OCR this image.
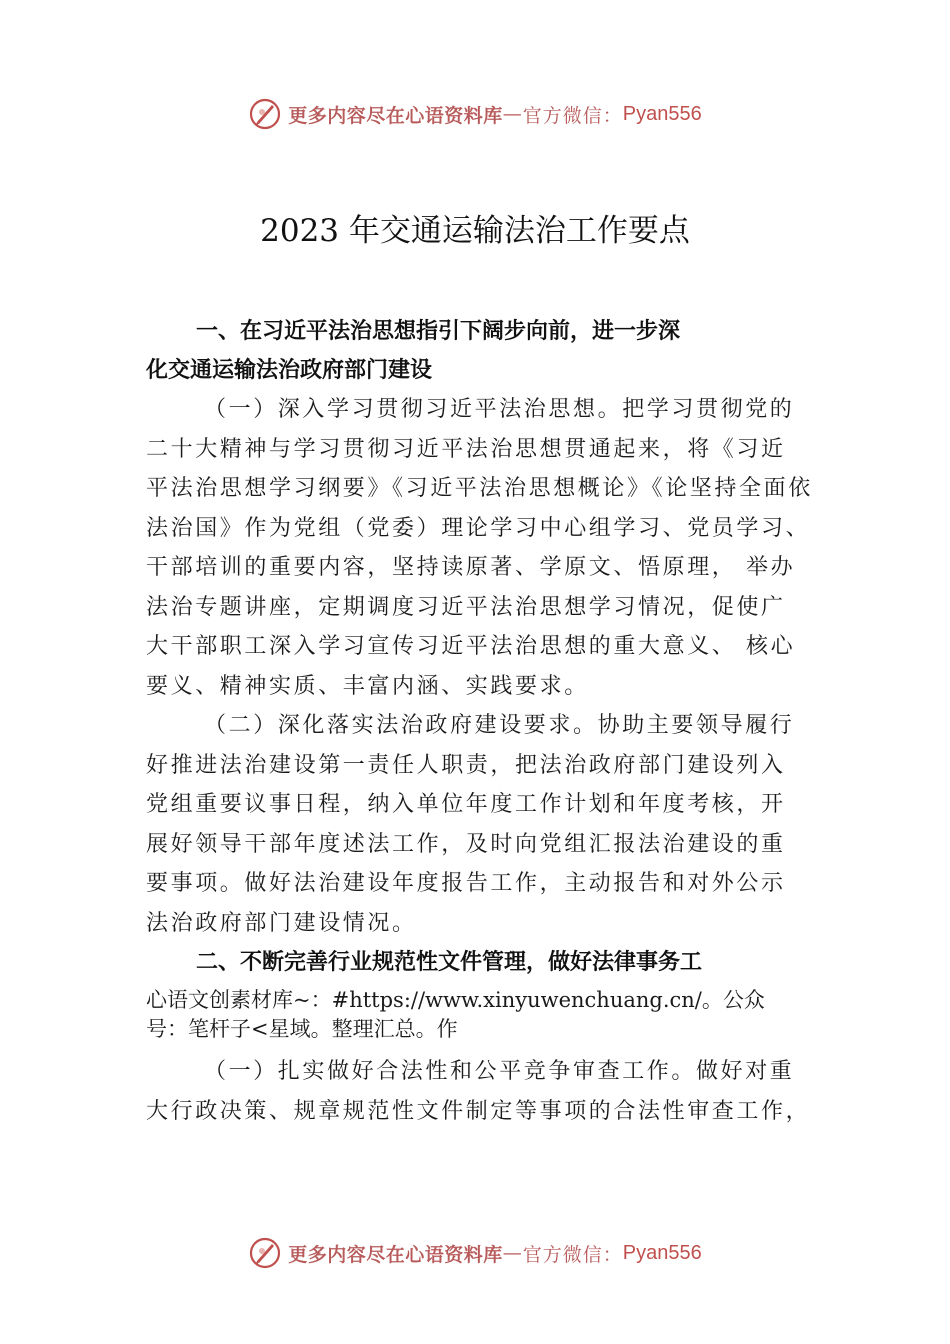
更多内容尽在心语资料库 — 官方微信： Pyan556
2023 年交通运输法治工作要点

一、在习近平法治思想指引下阔步向前，进一步深

化交通运输法治政府部门建设

（一）深入学习贯彻习近平法治思想。把学习贯彻党的
二十大精神与学习贯彻习近平法治思想贯通起来，将《习近
平法治思想学习纲要》《习近平法治思想概论》《论坚持全面依
法治国》作为党组（党委）理论学习中心组学习、党员学习、
干部培训的重要内容，坚持读原著、学原文、悟原理， 举办
法治专题讲座，定期调度习近平法治思想学习情况，促使广
大干部职工深入学习宣传习近平法治思想的重大意义、 核心
要义、精神实质、丰富内涵、实践要求。

（二）深化落实法治政府建设要求。协助主要领导履行
好推进法治建设第一责任人职责，把法治政府部门建设列入
党组重要议事日程，纳入单位年度工作计划和年度考核，开
展好领导干部年度述法工作，及时向党组汇报法治建设的重
要事项。做好法治建设年度报告工作，主动报告和对外公示
法治政府部门建设情况。

二、不断完善行业规范性文件管理，做好法律事务工

心语文创素材库~：#https://www.xinyuwenchuang.cn/。公众
号：笔杆子<星域。整理汇总。作

（一）扎实做好合法性和公平竞争审查工作。做好对重
大行政决策、规章规范性文件制定等事项的合法性审查工作，

更多内容尽在心语资料库 — 官方微信： Pyan556
